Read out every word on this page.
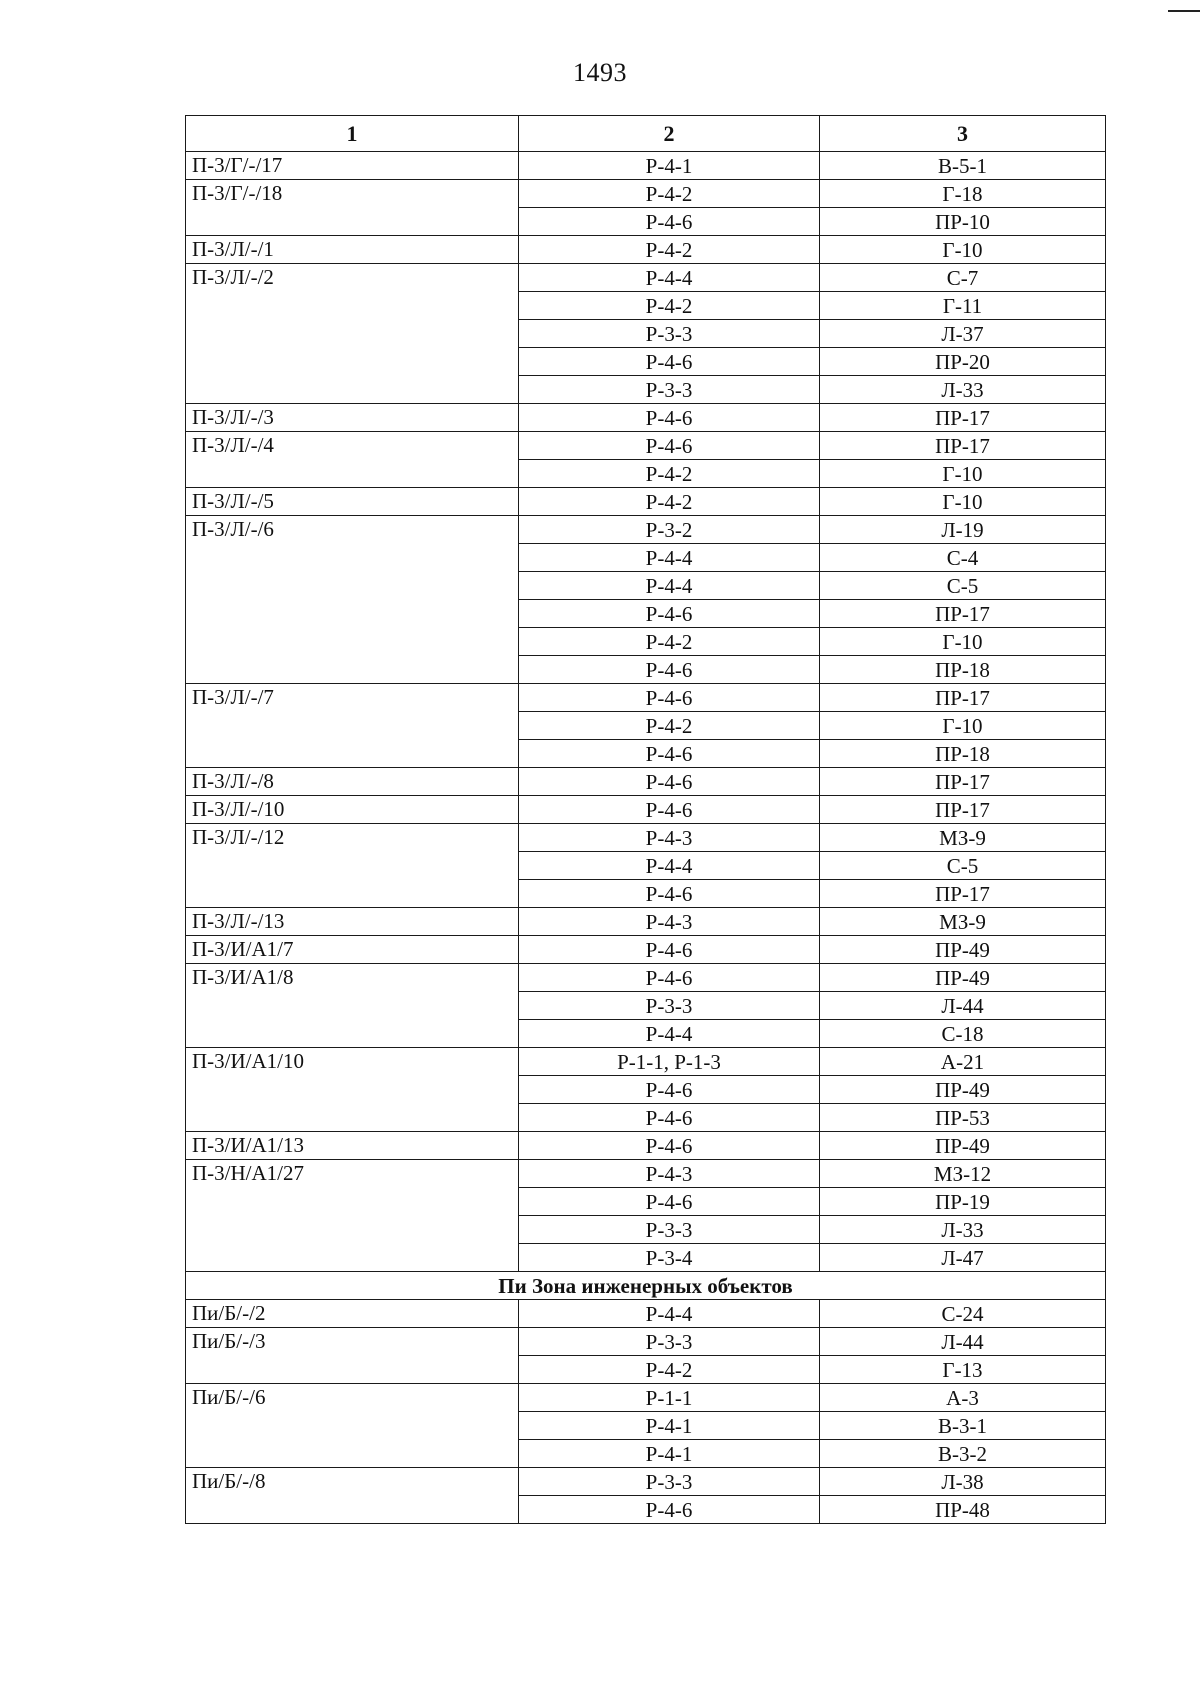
1493
1	2	3
П-3/Г/-/17	Р-4-1	В-5-1
П-3/Г/-/18	Р-4-2	Г-18
	Р-4-6	ПР-10
П-3/Л/-/1	Р-4-2	Г-10
П-3/Л/-/2	Р-4-4	С-7
	Р-4-2	Г-11
	Р-3-3	Л-37
	Р-4-6	ПР-20
	Р-3-3	Л-33
П-3/Л/-/3	Р-4-6	ПР-17
П-3/Л/-/4	Р-4-6	ПР-17
	Р-4-2	Г-10
П-3/Л/-/5	Р-4-2	Г-10
П-3/Л/-/6	Р-3-2	Л-19
	Р-4-4	С-4
	Р-4-4	С-5
	Р-4-6	ПР-17
	Р-4-2	Г-10
	Р-4-6	ПР-18
П-3/Л/-/7	Р-4-6	ПР-17
	Р-4-2	Г-10
	Р-4-6	ПР-18
П-3/Л/-/8	Р-4-6	ПР-17
П-3/Л/-/10	Р-4-6	ПР-17
П-3/Л/-/12	Р-4-3	МЗ-9
	Р-4-4	С-5
	Р-4-6	ПР-17
П-3/Л/-/13	Р-4-3	МЗ-9
П-3/И/А1/7	Р-4-6	ПР-49
П-3/И/А1/8	Р-4-6	ПР-49
	Р-3-3	Л-44
	Р-4-4	С-18
П-3/И/А1/10	Р-1-1, Р-1-3	А-21
	Р-4-6	ПР-49
	Р-4-6	ПР-53
П-3/И/А1/13	Р-4-6	ПР-49
П-3/Н/А1/27	Р-4-3	МЗ-12
	Р-4-6	ПР-19
	Р-3-3	Л-33
	Р-3-4	Л-47
Пи Зона инженерных объектов		
Пи/Б/-/2	Р-4-4	С-24
Пи/Б/-/3	Р-3-3	Л-44
	Р-4-2	Г-13
Пи/Б/-/6	Р-1-1	А-3
	Р-4-1	В-3-1
	Р-4-1	В-3-2
Пи/Б/-/8	Р-3-3	Л-38
	Р-4-6	ПР-48
